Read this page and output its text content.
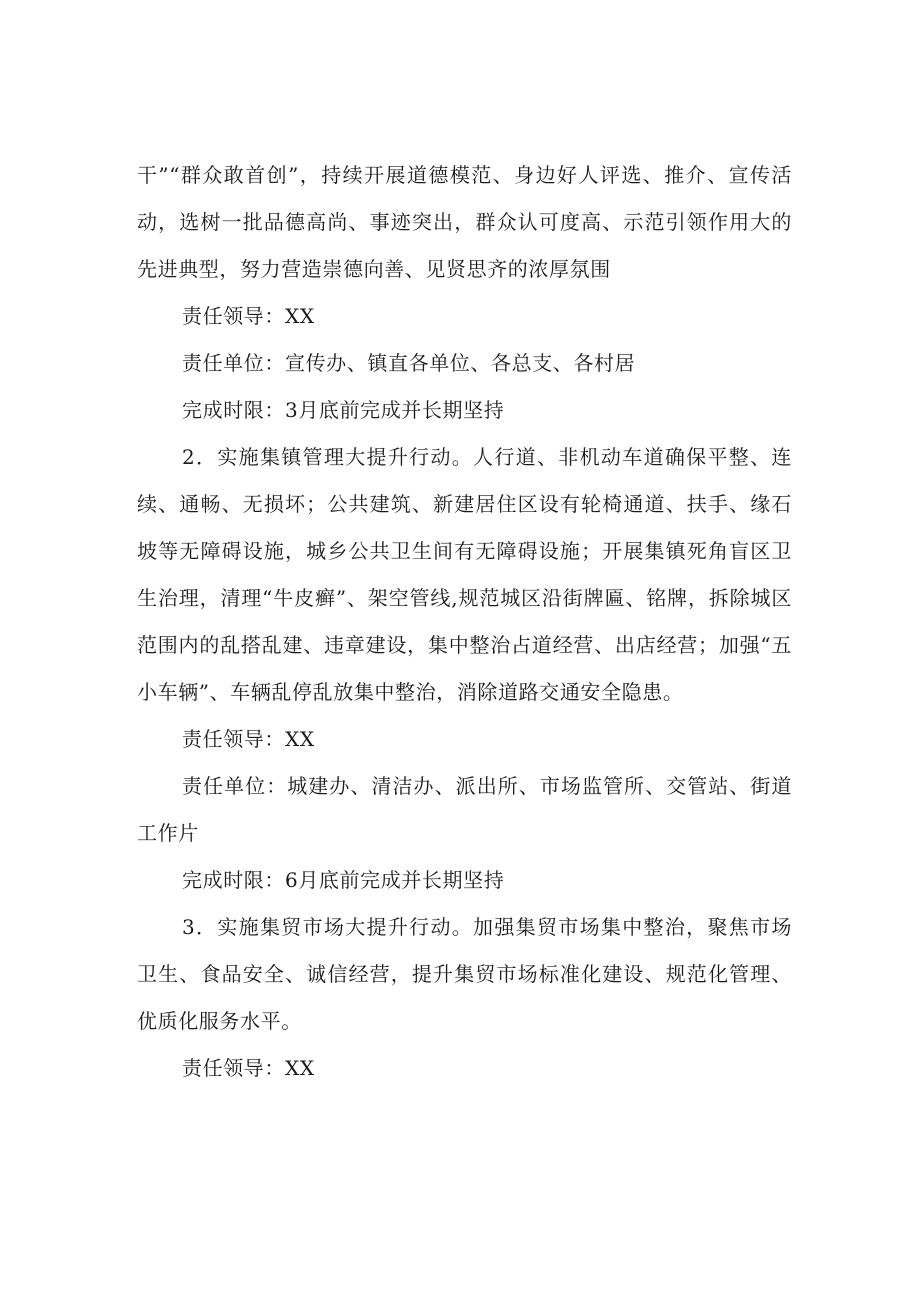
干”“群众敢首创”，持续开展道德模范、身边好人评选、推介、宣传活动，选树一批品德高尚、事迹突出，群众认可度高、示范引领作用大的先进典型，努力营造崇德向善、见贤思齐的浓厚氛围

责任领导：XX

责任单位：宣传办、镇直各单位、各总支、各村居

完成时限：3月底前完成并长期坚持

2．实施集镇管理大提升行动。人行道、非机动车道确保平整、连续、通畅、无损坏；公共建筑、新建居住区设有轮椅通道、扶手、缘石坡等无障碍设施，城乡公共卫生间有无障碍设施；开展集镇死角盲区卫生治理，清理“牛皮癣”、架空管线,规范城区沿街牌匾、铭牌，拆除城区范围内的乱搭乱建、违章建设，集中整治占道经营、出店经营；加强“五小车辆”、车辆乱停乱放集中整治，消除道路交通安全隐患。

责任领导：XX

责任单位：城建办、清洁办、派出所、市场监管所、交管站、街道工作片

完成时限：6月底前完成并长期坚持

3．实施集贸市场大提升行动。加强集贸市场集中整治，聚焦市场卫生、食品安全、诚信经营，提升集贸市场标准化建设、规范化管理、优质化服务水平。

责任领导：XX
